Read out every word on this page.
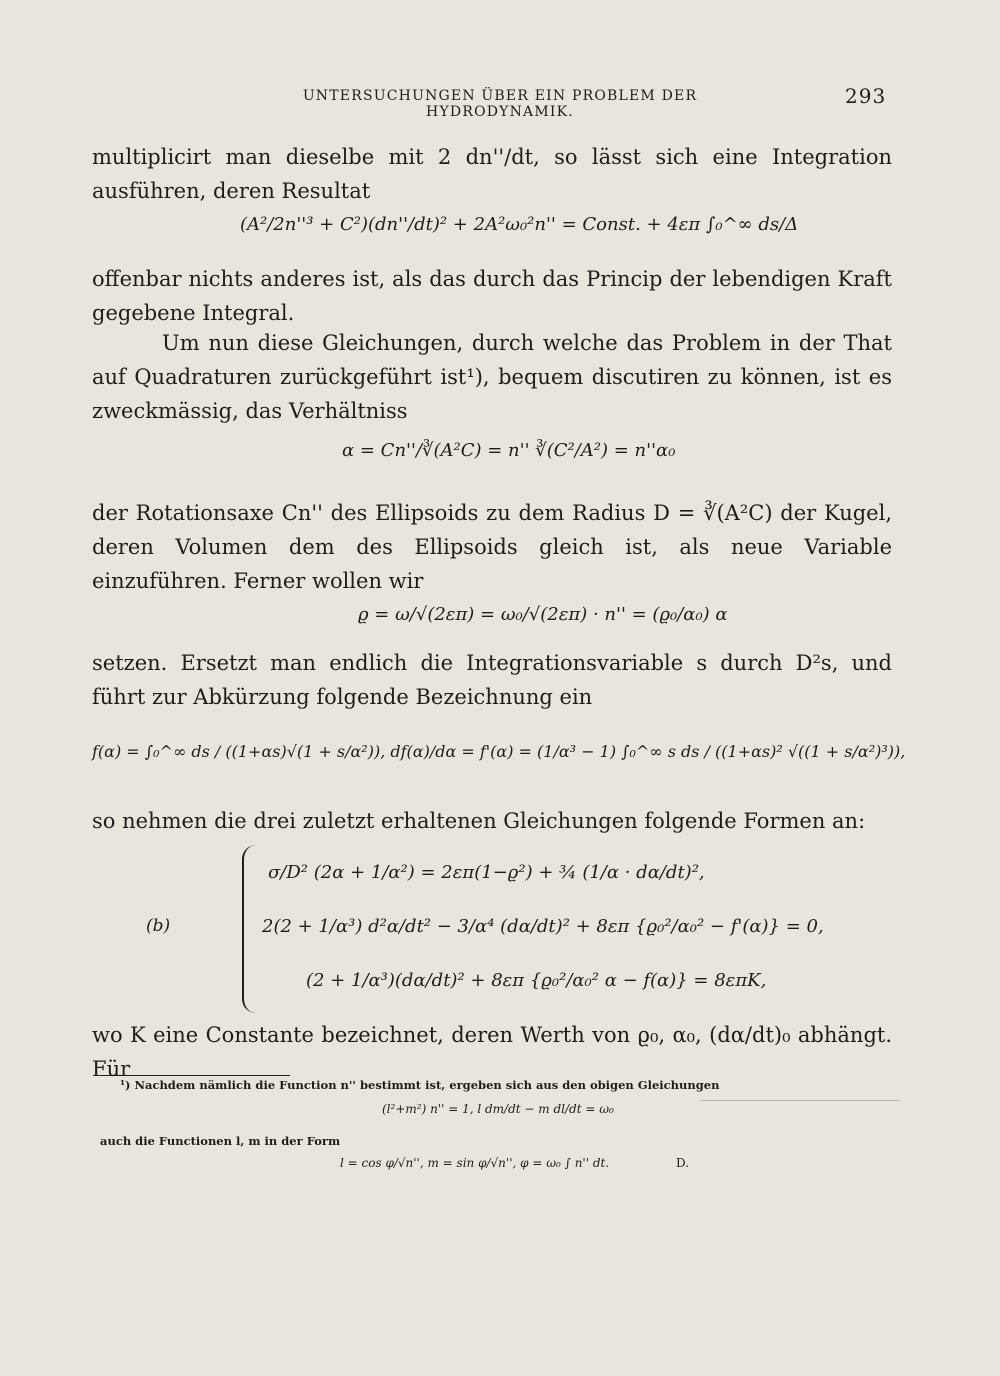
UNTERSUCHUNGEN ÜBER EIN PROBLEM DER HYDRODYNAMIK.
293
multiplicirt man dieselbe mit 2 dn''/dt, so lässt sich eine Integration ausführen, deren Resultat
(A²/2n''³ + C²)(dn''/dt)² + 2A²ω₀²n'' = Const. + 4επ ∫₀^∞ ds/Δ
offenbar nichts anderes ist, als das durch das Princip der lebendigen Kraft gegebene Integral.
Um nun diese Gleichungen, durch welche das Problem in der That auf Quadraturen zurückgeführt ist¹), bequem discutiren zu können, ist es zweckmässig, das Verhältniss
α = Cn''/∛(A²C) = n'' ∛(C²/A²) = n''α₀
der Rotationsaxe Cn'' des Ellipsoids zu dem Radius D = ∛(A²C) der Kugel, deren Volumen dem des Ellipsoids gleich ist, als neue Variable einzuführen. Ferner wollen wir
ϱ = ω/√(2επ) = ω₀/√(2επ) · n'' = (ϱ₀/α₀) α
setzen. Ersetzt man endlich die Integrationsvariable s durch D²s, und führt zur Abkürzung folgende Bezeichnung ein
f(α) = ∫₀^∞ ds / ((1+αs)√(1 + s/α²)), df(α)/dα = f'(α) = (1/α³ − 1) ∫₀^∞ s ds / ((1+αs)² √((1 + s/α²)³)),
so nehmen die drei zuletzt erhaltenen Gleichungen folgende Formen an:
(b)
σ/D² (2α + 1/α²) = 2επ(1−ϱ²) + ¾ (1/α · dα/dt)²,
2(2 + 1/α³) d²α/dt² − 3/α⁴ (dα/dt)² + 8επ {ϱ₀²/α₀² − f'(α)} = 0,
(2 + 1/α³)(dα/dt)² + 8επ {ϱ₀²/α₀² α − f(α)} = 8επK,
wo K eine Constante bezeichnet, deren Werth von ϱ₀, α₀, (dα/dt)₀ abhängt. Für
¹) Nachdem nämlich die Function n'' bestimmt ist, ergeben sich aus den obigen Gleichungen
(l²+m²) n'' = 1, l dm/dt − m dl/dt = ω₀
auch die Functionen l, m in der Form
l = cos φ/√n'', m = sin φ/√n'', φ = ω₀ ∫ n'' dt.	D.
